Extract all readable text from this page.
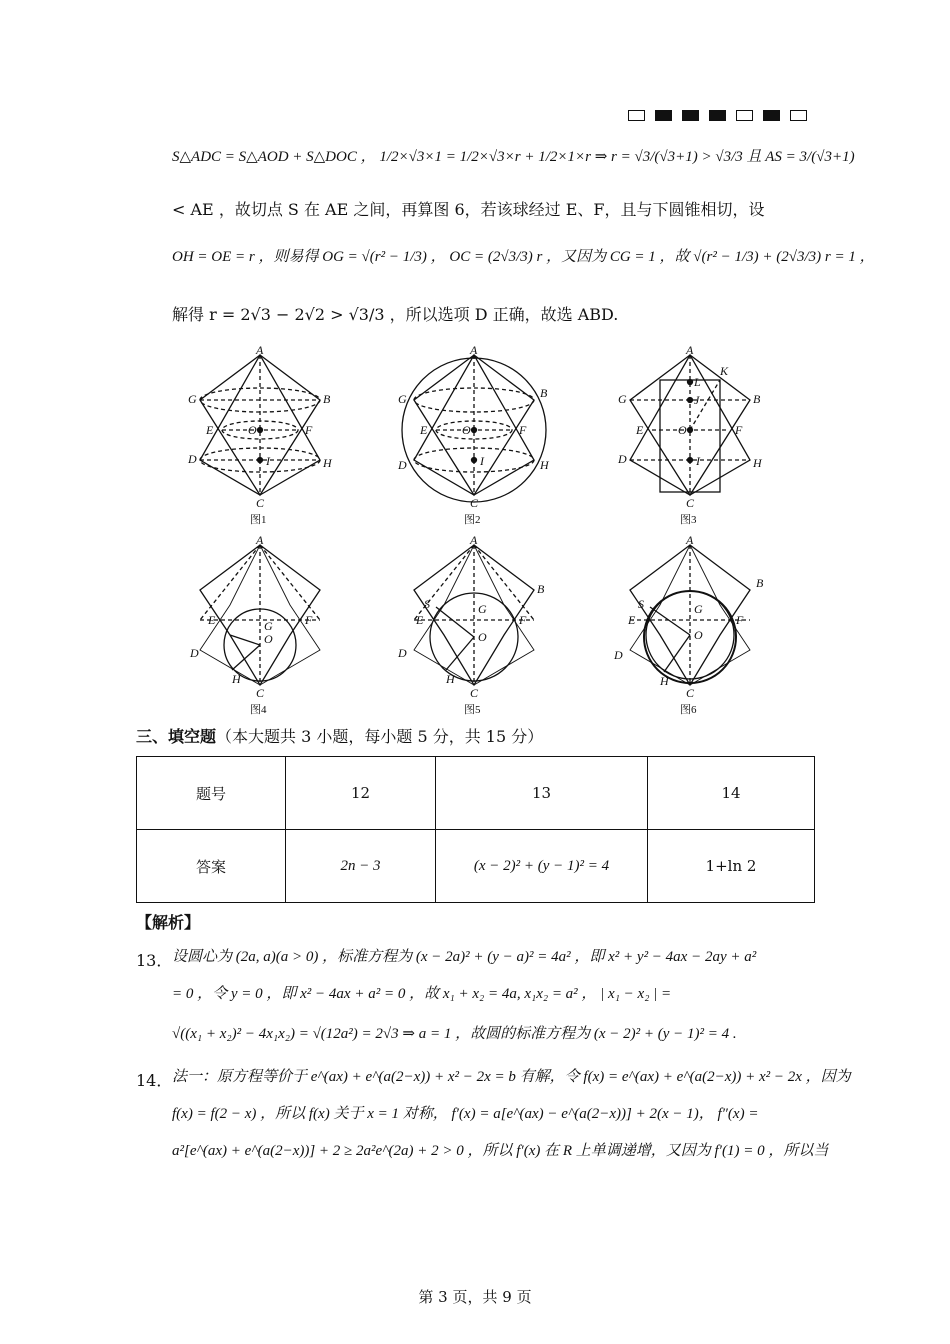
S△ADC = S△AOD + S△DOC ， 1/2×√3×1 = 1/2×√3×r + 1/2×1×r ⇒ r = √3/(√3+1) > √3/3 且 AS = 3/(√3+1)
< AE ，故切点 S 在 AE 之间，再算图 6，若该球经过 E、F，且与下圆锥相切，设
OH = OE = r ，则易得 OG = √(r² − 1/3) ， OC = (2√3/3) r ，又因为 CG = 1 ，故 √(r² − 1/3) + (2√3/3) r = 1 ，
解得 r = 2√3 − 2√2 > √3/3 ，所以选项 D 正确，故选 ABD.
A
G	B
E	F
O
I
D	H
C
图1
A
G	B
E	F
O
I
D	H
C
图2
A
K
L
J
G	B
E	F
O
I
D	H
C
图3
A
E	F
G
O
D
H
C
图4
A
B
S	G
E	F
O
D
H
C
图5
A
B
S	G
E	F
O
D
H
C
图6
三、填空题（本大题共 3 小题，每小题 5 分，共 15 分）
题号	12	13	14
答案	2n − 3	(x − 2)² + (y − 1)² = 4	1+ln 2
【解析】
13． 设圆心为 (2a, a)(a > 0) ，标准方程为 (x − 2a)² + (y − a)² = 4a² ，即 x² + y² − 4ax − 2ay + a²
= 0 ，令 y = 0 ，即 x² − 4ax + a² = 0 ，故 x₁ + x₂ = 4a, x₁x₂ = a² ， | x₁ − x₂ | =
√((x₁ + x₂)² − 4x₁x₂) = √(12a²) = 2√3 ⇒ a = 1 ，故圆的标准方程为 (x − 2)² + (y − 1)² = 4 .
14． 法一：原方程等价于 e^(ax) + e^(a(2−x)) + x² − 2x = b 有解，令 f(x) = e^(ax) + e^(a(2−x)) + x² − 2x ，因为
f(x) = f(2 − x) ，所以 f(x) 关于 x = 1 对称， f′(x) = a[e^(ax) − e^(a(2−x))] + 2(x − 1)， f″(x) =
a²[e^(ax) + e^(a(2−x))] + 2 ≥ 2a²e^(2a) + 2 > 0 ，所以 f′(x) 在 R 上单调递增，又因为 f′(1) = 0 ，所以当
第 3 页，共 9 页
